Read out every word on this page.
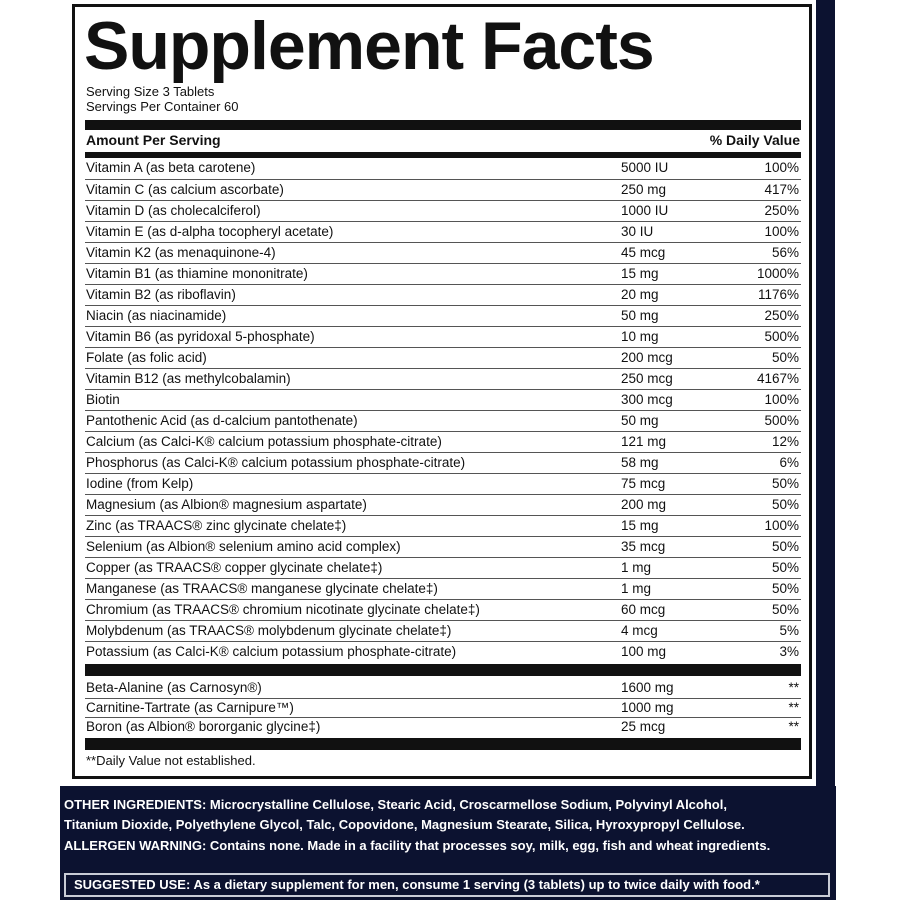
Supplement Facts
Serving Size 3 Tablets
Servings Per Container 60
Amount Per Serving	% Daily Value
Vitamin A (as beta carotene)	5000 IU	100%
Vitamin C (as calcium ascorbate)	250 mg	417%
Vitamin D (as cholecalciferol)	1000 IU	250%
Vitamin E (as d-alpha tocopheryl acetate)	30 IU	100%
Vitamin K2 (as menaquinone-4)	45 mcg	56%
Vitamin B1 (as thiamine mononitrate)	15 mg	1000%
Vitamin B2 (as riboflavin)	20 mg	1176%
Niacin (as niacinamide)	50 mg	250%
Vitamin B6 (as pyridoxal 5-phosphate)	10 mg	500%
Folate (as folic acid)	200 mcg	50%
Vitamin B12 (as methylcobalamin)	250 mcg	4167%
Biotin	300 mcg	100%
Pantothenic Acid (as d-calcium pantothenate)	50 mg	500%
Calcium (as Calci-K® calcium potassium phosphate-citrate)	121 mg	12%
Phosphorus (as Calci-K® calcium potassium phosphate-citrate)	58 mg	6%
Iodine (from Kelp)	75 mcg	50%
Magnesium (as Albion® magnesium aspartate)	200 mg	50%
Zinc (as TRAACS® zinc glycinate chelate‡)	15 mg	100%
Selenium (as Albion® selenium amino acid complex)	35 mcg	50%
Copper (as TRAACS® copper glycinate chelate‡)	1 mg	50%
Manganese (as TRAACS® manganese glycinate chelate‡)	1 mg	50%
Chromium (as TRAACS® chromium nicotinate glycinate chelate‡)	60 mcg	50%
Molybdenum (as TRAACS® molybdenum glycinate chelate‡)	4 mcg	5%
Potassium (as Calci-K® calcium potassium phosphate-citrate)	100 mg	3%
Beta-Alanine (as Carnosyn®)	1600 mg	**
Carnitine-Tartrate (as Carnipure™)	1000 mg	**
Boron (as Albion® bororganic glycine‡)	25 mcg	**
**Daily Value not established.
OTHER INGREDIENTS: Microcrystalline Cellulose, Stearic Acid, Croscarmellose Sodium, Polyvinyl Alcohol,
Titanium Dioxide, Polyethylene Glycol, Talc, Copovidone, Magnesium Stearate, Silica, Hyroxypropyl Cellulose.
ALLERGEN WARNING: Contains none. Made in a facility that processes soy, milk, egg, fish and wheat ingredients.
SUGGESTED USE: As a dietary supplement for men, consume 1 serving (3 tablets) up to twice daily with food.*
